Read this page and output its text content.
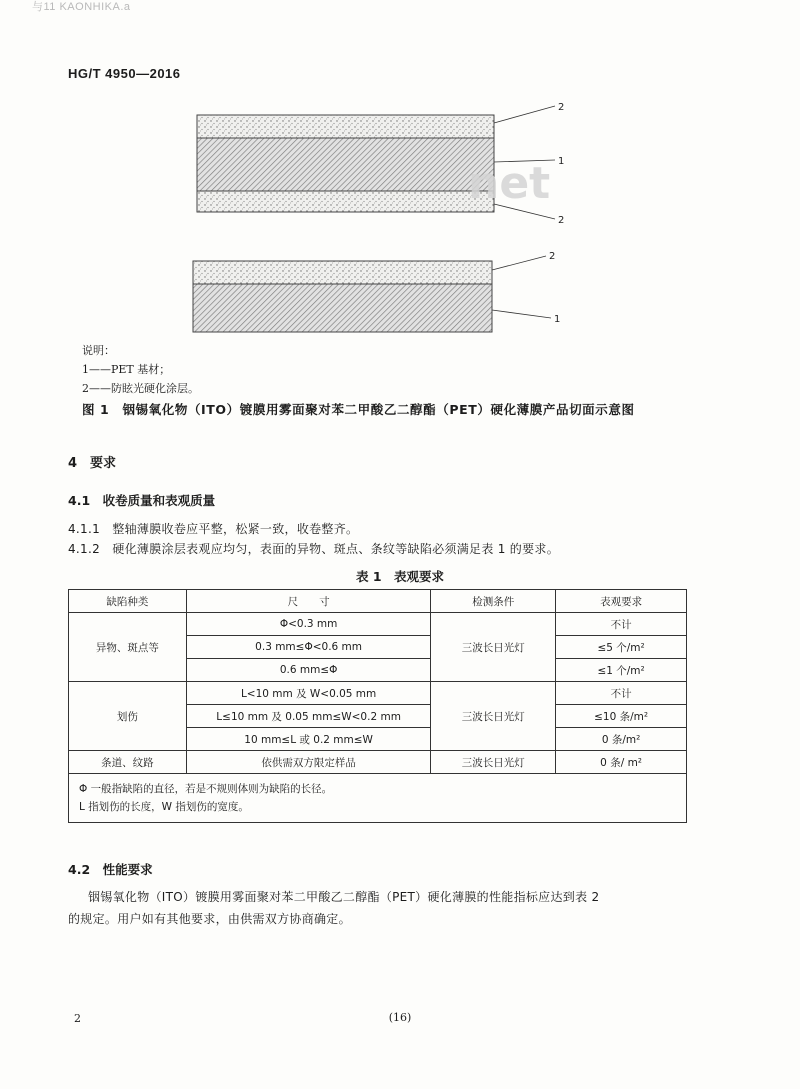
与11 KAONHIKA.a
HG/T 4950—2016
net
2
1
2
2
1
说明：
1——PET 基材；
2——防眩光硬化涂层。
图 1　铟锡氧化物（ITO）镀膜用雾面聚对苯二甲酸乙二醇酯（PET）硬化薄膜产品切面示意图
4　要求
4.1　收卷质量和表观质量
4.1.1　整轴薄膜收卷应平整，松紧一致，收卷整齐。
4.1.2　硬化薄膜涂层表观应均匀，表面的异物、斑点、条纹等缺陷必须满足表 1 的要求。
表 1　表观要求
缺陷种类	尺　　寸	检测条件	表观要求
异物、斑点等	Φ<0.3 mm	三波长日光灯	不计
	0.3 mm≤Φ<0.6 mm		≤5 个/m²
	0.6 mm≤Φ		≤1 个/m²
划伤	L<10 mm 及 W<0.05 mm	三波长日光灯	不计
	L≤10 mm 及 0.05 mm≤W<0.2 mm		≤10 条/m²
	10 mm≤L 或 0.2 mm≤W		0 条/m²
条道、纹路	依供需双方限定样品	三波长日光灯	0 条/ m²

Φ 一般指缺陷的直径，若是不规则体则为缺陷的长径。
L 指划伤的长度，W 指划伤的宽度。			
4.2　性能要求
铟锡氧化物（ITO）镀膜用雾面聚对苯二甲酸乙二醇酯（PET）硬化薄膜的性能指标应达到表 2
的规定。用户如有其他要求，由供需双方协商确定。
2	(16)
